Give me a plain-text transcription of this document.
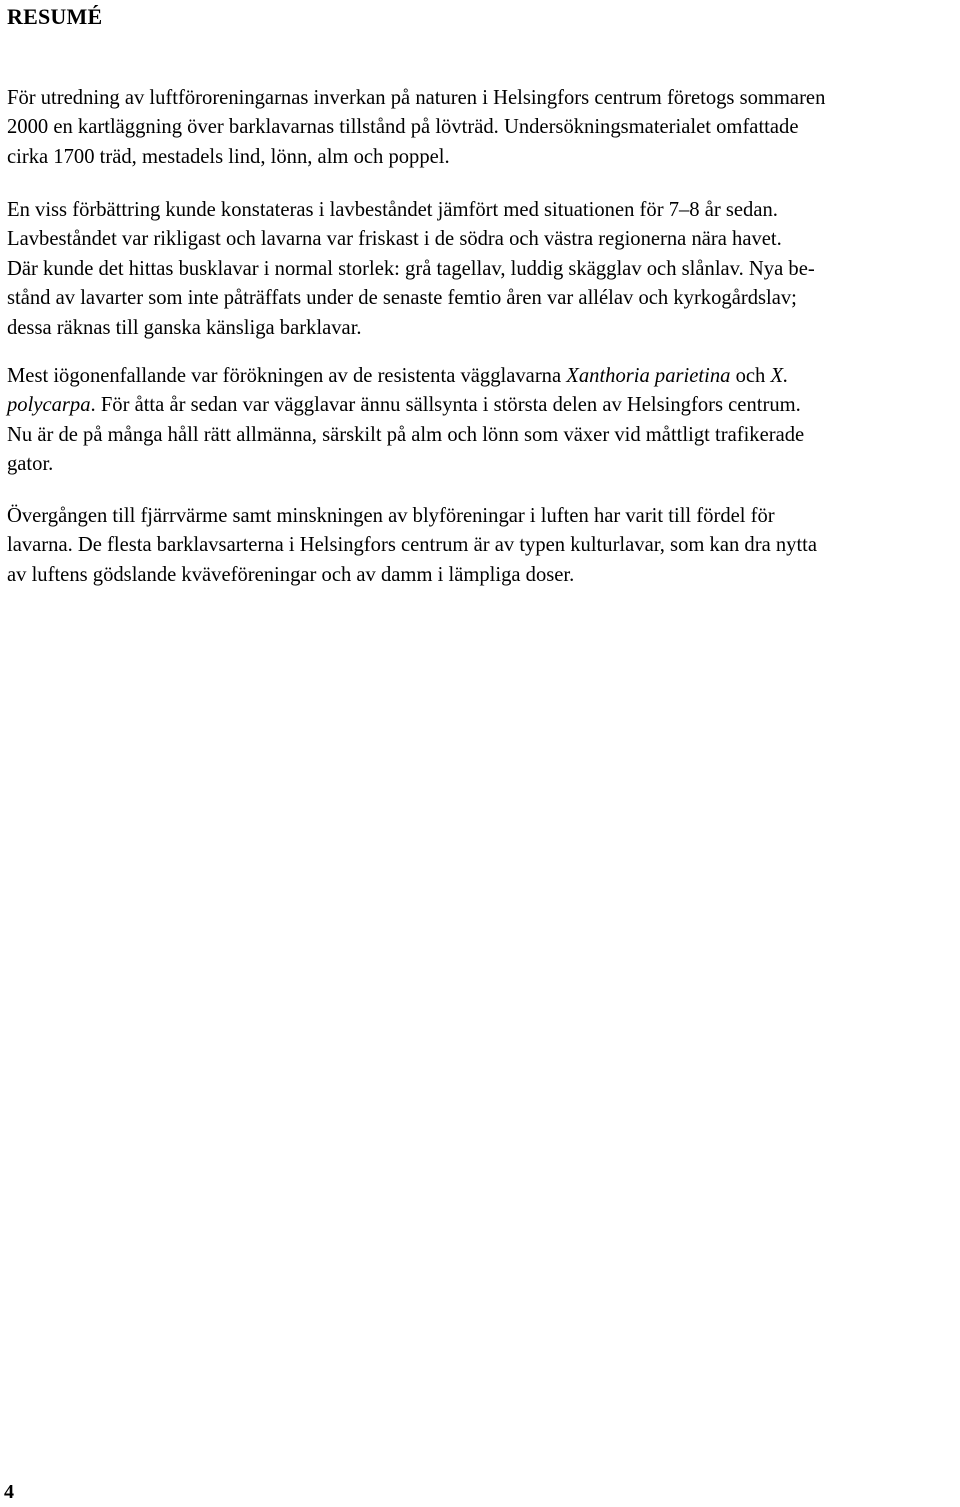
RESUMÉ

För utredning av luftföroreningarnas inverkan på naturen i Helsingfors centrum företogs sommaren
2000 en kartläggning över barklavarnas tillstånd på lövträd. Undersökningsmaterialet omfattade
cirka 1700 träd, mestadels lind, lönn, alm och poppel.

En viss förbättring kunde konstateras i lavbeståndet jämfört med situationen för 7–8 år sedan.
Lavbeståndet var rikligast och lavarna var friskast i de södra och västra regionerna nära havet.
Där kunde det hittas busklavar i normal storlek: grå tagellav, luddig skägglav och slånlav. Nya be-
stånd av lavarter som inte påträffats under de senaste femtio åren var allélav och kyrkogårdslav;
dessa räknas till ganska känsliga barklavar.

Mest iögonenfallande var förökningen av de resistenta vägglavarna Xanthoria parietina och X.
polycarpa. För åtta år sedan var vägglavar ännu sällsynta i största delen av Helsingfors centrum.
Nu är de på många håll rätt allmänna, särskilt på alm och lönn som växer vid måttligt trafikerade
gator.

Övergången till fjärrvärme samt minskningen av blyföreningar i luften har varit till fördel för
lavarna. De flesta barklavsarterna i Helsingfors centrum är av typen kulturlavar, som kan dra nytta
av luftens gödslande kväveföreningar och av damm i lämpliga doser.

4
